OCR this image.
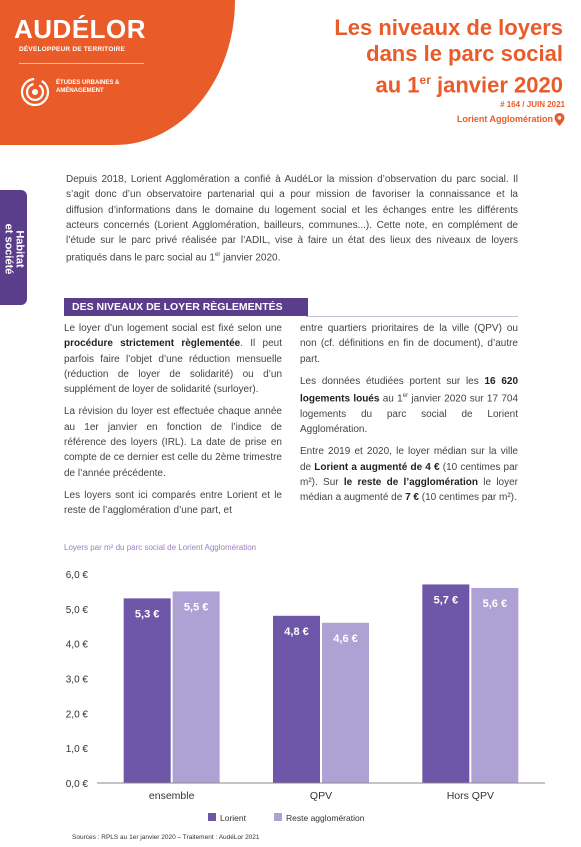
AUDÉLOR
DÉVELOPPEUR DE TERRITOIRE
ÉTUDES URBAINES & AMÉNAGEMENT
Les niveaux de loyers
dans le parc social
au 1er janvier 2020
# 164 / JUIN 2021
Lorient Agglomération
Habitat
et société
Depuis 2018, Lorient Agglomération a confié à AudéLor la mission d’observation du parc social. Il s’agit donc d’un observatoire partenarial qui a pour mission de favoriser la connaissance et la diffusion d’informations dans le domaine du logement social et les échanges entre les différents acteurs concernés (Lorient Agglomération, bailleurs, communes...). Cette note, en complément de l’étude sur le parc privé réalisée par l’ADIL, vise à faire un état des lieux des niveaux de loyers pratiqués dans le parc social au 1er janvier 2020.
DES NIVEAUX DE LOYER RÈGLEMENTÉS

Le loyer d’un logement social est fixé selon une procédure strictement règlementée. Il peut parfois faire l’objet d’une réduction mensuelle (réduction de loyer de solidarité) ou d’un supplément de loyer de solidarité (surloyer).

La révision du loyer est effectuée chaque année au 1er janvier en fonction de l’indice de référence des loyers (IRL). La date de prise en compte de ce dernier est celle du 2ème trimestre de l’année précédente.

Les loyers sont ici comparés entre Lorient et le reste de l’agglomération d’une part, et

entre quartiers prioritaires de la ville (QPV) ou non (cf. définitions en fin de document), d’autre part.

Les données étudiées portent sur les 16 620 logements loués au 1er janvier 2020 sur 17 704 logements du parc social de Lorient Agglomération.

Entre 2019 et 2020, le loyer médian sur la ville de Lorient a augmenté de 4 € (10 centimes par m²). Sur le reste de l’agglomération le loyer médian a augmenté de 7 € (10 centimes par m²).

Loyers par m² du parc social de Lorient Agglomération
0,0 €
1,0 €
2,0 €
3,0 €
4,0 €
5,0 €
6,0 €
5,3 €
5,5 €
ensemble
4,8 €
4,6 €
QPV
5,7 € 5,6 €
Hors QPV
Lorient	Reste agglomération
Sources : RPLS au 1er janvier 2020 – Traitement : AudéLor 2021
